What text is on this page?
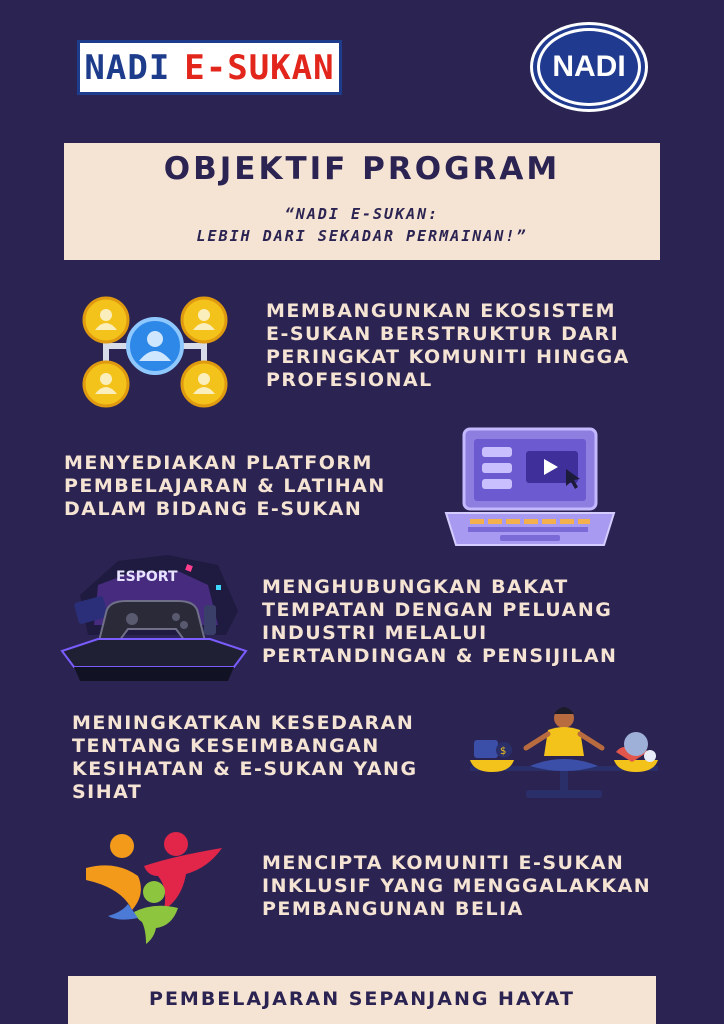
NADI E-SUKAN	NADI
OBJEKTIF PROGRAM
“NADI E-SUKAN:
LEBIH DARI SEKADAR PERMAINAN!”
MEMBANGUNKAN EKOSISTEM
E-SUKAN BERSTRUKTUR DARI
PERINGKAT KOMUNITI HINGGA
PROFESIONAL
MENYEDIAKAN PLATFORM
PEMBELAJARAN & LATIHAN
DALAM BIDANG E-SUKAN
ESPORT	MENGHUBUNGKAN BAKAT
TEMPATAN DENGAN PELUANG
INDUSTRI MELALUI
PERTANDINGAN & PENSIJILAN
MENINGKATKAN KESEDARAN
TENTANG KESEIMBANGAN
KESIHATAN & E-SUKAN YANG
SIHAT
$
MENCIPTA KOMUNITI E-SUKAN
INKLUSIF YANG MENGGALAKKAN
PEMBANGUNAN BELIA
PEMBELAJARAN SEPANJANG HAYAT
